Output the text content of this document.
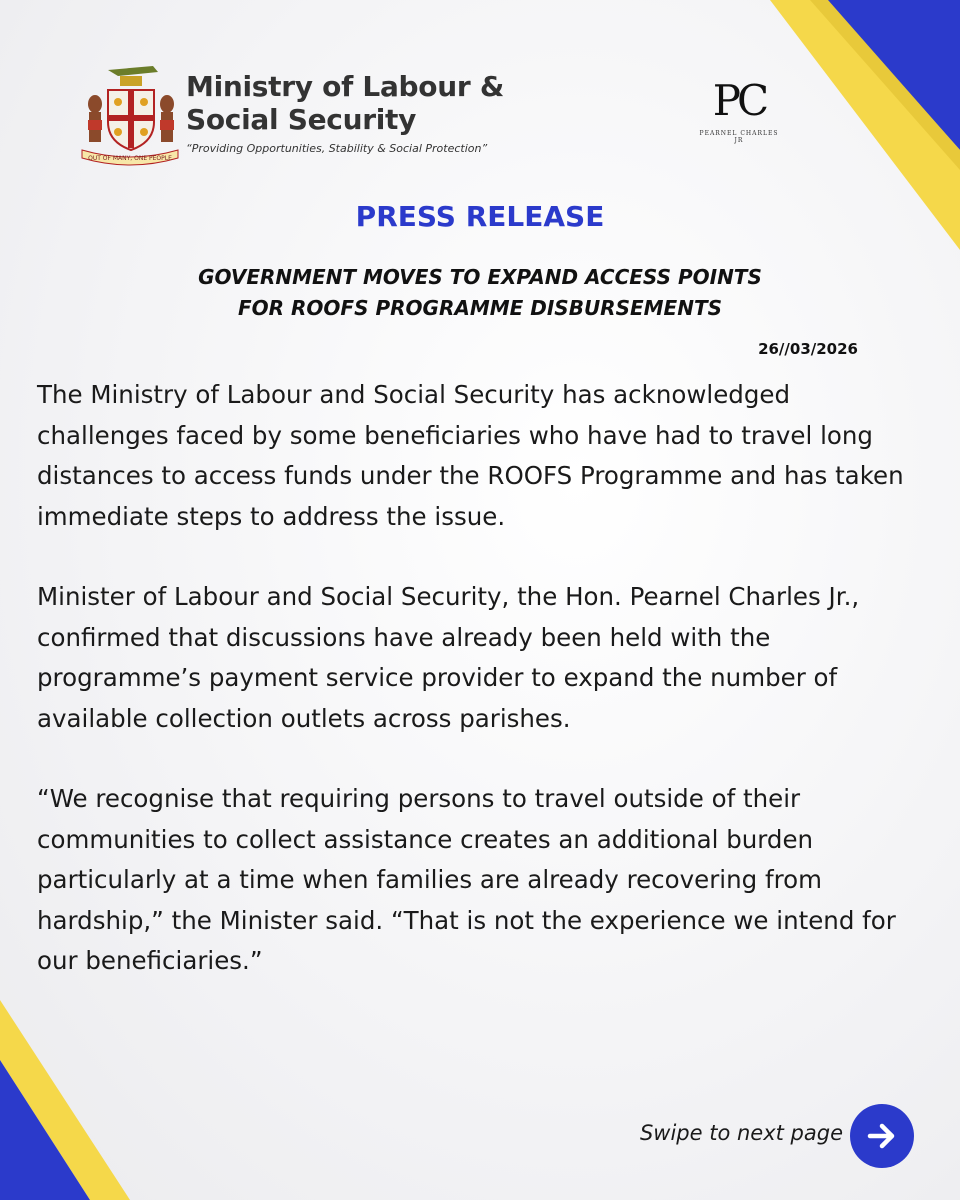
OUT OF MANY, ONE PEOPLE
Ministry of Labour & Social Security
“Providing Opportunities, Stability & Social Protection”
PC
PEARNEL CHARLES JR
PRESS RELEASE
GOVERNMENT MOVES TO EXPAND ACCESS POINTS
FOR ROOFS PROGRAMME DISBURSEMENTS
26//03/2026

The Ministry of Labour and Social Security has acknowledged challenges faced by some beneficiaries who have had to travel long distances to access funds under the ROOFS Programme and has taken immediate steps to address the issue.

Minister of Labour and Social Security, the Hon. Pearnel Charles Jr., confirmed that discussions have already been held with the programme’s payment service provider to expand the number of available collection outlets across parishes.

“We recognise that requiring persons to travel outside of their communities to collect assistance creates an additional burden particularly at a time when families are already recovering from hardship,” the Minister said. “That is not the experience we intend for our beneficiaries.”

Swipe to next page
